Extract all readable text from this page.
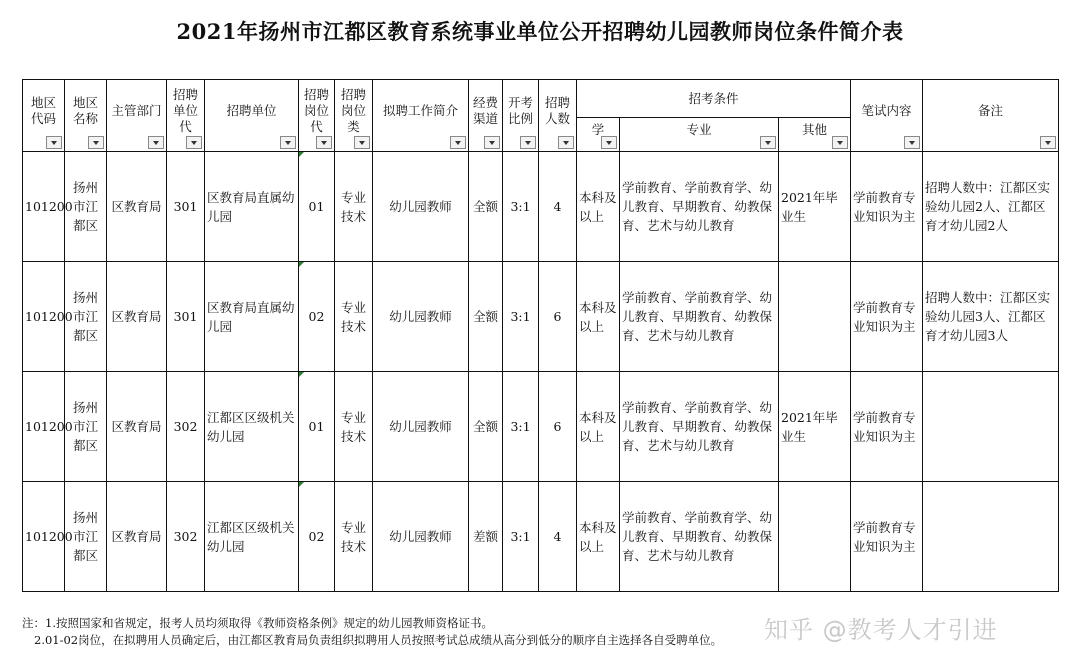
2021年扬州市江都区教育系统事业单位公开招聘幼儿园教师岗位条件简介表
地区代码	地区名称	主管部门	招聘单位代	招聘单位	招聘岗位代	招聘岗位类	拟聘工作简介	经费渠道	开考比例	招聘人数	招考条件			笔试内容	备注

											学	专业	其他		

101200	扬州市江都区	区教育局	301	区教育局直属幼儿园	01	专业技术	幼儿园教师	全额	3:1	4	本科及以上	学前教育、学前教育学、幼儿教育、早期教育、幼教保育、艺术与幼儿教育	2021年毕业生	学前教育专业知识为主	招聘人数中：江都区实验幼儿园2人、江都区育才幼儿园2人
101200	扬州市江都区	区教育局	301	区教育局直属幼儿园	02	专业技术	幼儿园教师	全额	3:1	6	本科及以上	学前教育、学前教育学、幼儿教育、早期教育、幼教保育、艺术与幼儿教育		学前教育专业知识为主	招聘人数中：江都区实验幼儿园3人、江都区育才幼儿园3人
101200	扬州市江都区	区教育局	302	江都区区级机关幼儿园	01	专业技术	幼儿园教师	全额	3:1	6	本科及以上	学前教育、学前教育学、幼儿教育、早期教育、幼教保育、艺术与幼儿教育	2021年毕业生	学前教育专业知识为主	
101200	扬州市江都区	区教育局	302	江都区区级机关幼儿园	02	专业技术	幼儿园教师	差额	3:1	4	本科及以上	学前教育、学前教育学、幼儿教育、早期教育、幼教保育、艺术与幼儿教育		学前教育专业知识为主	
注：1.按照国家和省规定，报考人员均须取得《教师资格条例》规定的幼儿园教师资格证书。
2.01-02岗位，在拟聘用人员确定后，由江都区教育局负责组织拟聘用人员按照考试总成绩从高分到低分的顺序自主选择各自受聘单位。 知乎 @教考人才引进
